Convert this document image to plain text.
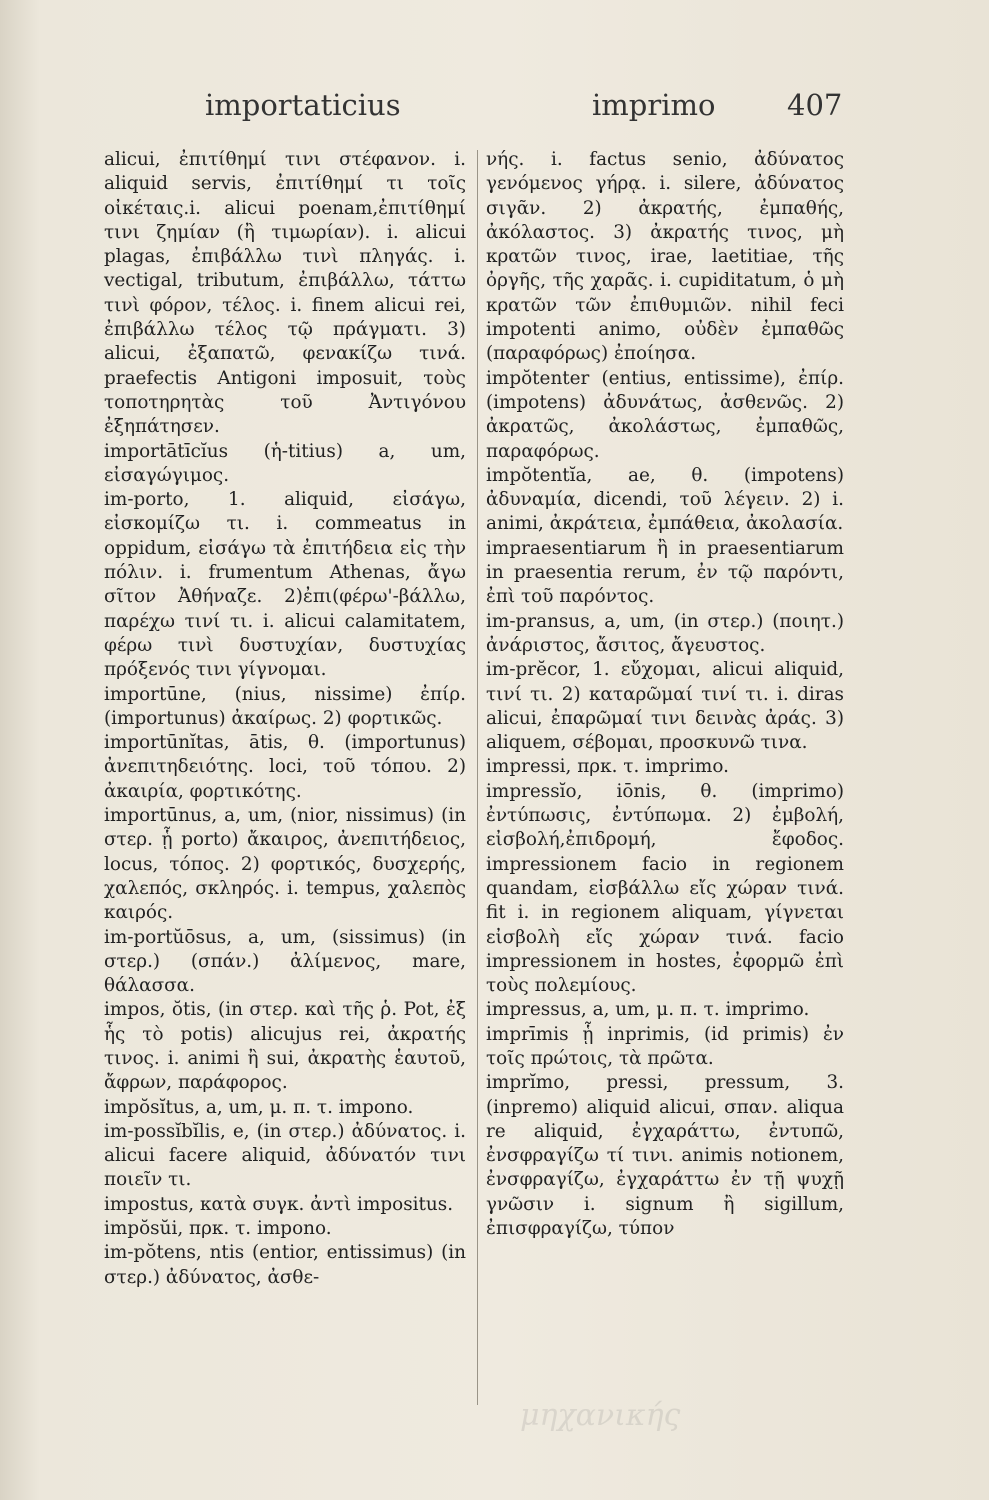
importaticius	imprimo 407

alicui, ἐπιτίθημί τινι στέφανον. i. aliquid servis, ἐπιτίθημί τι τοῖς οἰκέταις.i. alicui poenam,ἐπιτίθημί τινι ζημίαν (ἢ τιμωρίαν). i. alicui plagas, ἐπιβάλλω τινὶ πληγάς. i. vectigal, tributum, ἐπιβάλλω, τάττω τινὶ φόρον, τέλος. i. finem alicui rei, ἐπιβάλλω τέλος τῷ πράγματι. 3) alicui, ἐξαπατῶ, φενακίζω τινά. praefectis Antigoni imposuit, τοὺς τοποτηρητὰς τοῦ Ἀντιγόνου ἐξηπάτησεν.

importātīcĭus (ἡ-titius) a, um, εἰσαγώγιμος.

im-porto, 1. aliquid, εἰσάγω, εἰσκομίζω τι. i. commeatus in oppidum, εἰσάγω τὰ ἐπιτήδεια εἰς τὴν πόλιν. i. frumentum Athenas, ἄγω σῖτον Ἀθήναζε. 2)ἐπι(φέρω'-βάλλω, παρέχω τινί τι. i. alicui calamitatem, φέρω τινὶ δυστυχίαν, δυστυχίας πρόξενός τινι γίγνομαι.

importūne, (nius, nissime) ἐπίρ. (importunus) ἀκαίρως. 2) φορτικῶς.

importūnĭtas, ātis, θ. (importunus) ἀνεπιτηδειότης. loci, τοῦ τόπου. 2) ἀκαιρία, φορτικότης.

importūnus, a, um, (nior, nissimus) (in στερ. ᾗ porto) ἄκαιρος, ἀνεπιτήδειος, locus, τόπος. 2) φορτικός, δυσχερής, χαλεπός, σκληρός. i. tempus, χαλεπὸς καιρός.

im-portŭōsus, a, um, (sissimus) (in στερ.) (σπάν.) ἀλίμενος, mare, θάλασσα.

impos, ŏtis, (in στερ. καὶ τῆς ῥ. Pot, ἐξ ἧς τὸ potis) alicujus rei, ἀκρατής τινος. i. animi ἢ sui, ἀκρατὴς ἑαυτοῦ, ἄφρων, παράφορος.

impŏsĭtus, a, um, μ. π. τ. impono.

im-possĭbĭlis, e, (in στερ.) ἀδύνατος. i. alicui facere aliquid, ἀδύνατόν τινι ποιεῖν τι.

impostus, κατὰ συγκ. ἀντὶ impositus.

impŏsŭi, πρκ. τ. impono.

im-pŏtens, ntis (entior, entissimus) (in στερ.) ἀδύνατος, ἀσθε-

νής. i. factus senio, ἀδύνατος γενόμενος γήρᾳ. i. silere, ἀδύνατος σιγᾶν. 2) ἀκρατής, ἐμπαθής, ἀκόλαστος. 3) ἀκρατής τινος, μὴ κρατῶν τινος, irae, laetitiae, τῆς ὀργῆς, τῆς χαρᾶς. i. cupiditatum, ὁ μὴ κρατῶν τῶν ἐπιθυμιῶν. nihil feci impotenti animo, οὐδὲν ἐμπαθῶς (παραφόρως) ἐποίησα.

impŏtenter (entius, entissime), ἐπίρ. (impotens) ἀδυνάτως, ἀσθενῶς. 2) ἀκρατῶς, ἀκολάστως, ἐμπαθῶς, παραφόρως.

impŏtentĭa, ae, θ. (impotens) ἀδυναμία, dicendi, τοῦ λέγειν. 2) i. animi, ἀκράτεια, ἐμπάθεια, ἀκολασία.

impraesentiarum ἢ in praesentiarum in praesentia rerum, ἐν τῷ παρόντι, ἐπὶ τοῦ παρόντος.

im-pransus, a, um, (in στερ.) (ποιητ.) ἀνάριστος, ἄσιτος, ἄγευστος.

im-prĕcor, 1. εὔχομαι, alicui aliquid, τινί τι. 2) καταρῶμαί τινί τι. i. diras alicui, ἐπαρῶμαί τινι δεινὰς ἀράς. 3) aliquem, σέβομαι, προσκυνῶ τινα.

impressi, πρκ. τ. imprimo.

impressĭo, iōnis, θ. (imprimo) ἐντύπωσις, ἐντύπωμα. 2) ἐμβολή, εἰσβολή,ἐπιδρομή, ἔφοδος. impressionem facio in regionem quandam, εἰσβάλλω εἴς χώραν τινά. fit i. in regionem aliquam, γίγνεται εἰσβολὴ εἴς χώραν τινά. facio impressionem in hostes, ἐφορμῶ ἐπὶ τοὺς πολεμίους.

impressus, a, um, μ. π. τ. imprimo.

imprīmis ᾗ inprimis, (id primis) ἐν τοῖς πρώτοις, τὰ πρῶτα.

imprĭmo, pressi, pressum, 3. (inpremo) aliquid alicui, σπαν. aliqua re aliquid, ἐγχαράττω, ἐντυπῶ, ἐνσφραγίζω τί τινι. animis notionem, ἐνσφραγίζω, ἐγχαράττω ἐν τῇ ψυχῇ γνῶσιν i. signum ἢ sigillum, ἐπισφραγίζω, τύπον

μηχανικής
